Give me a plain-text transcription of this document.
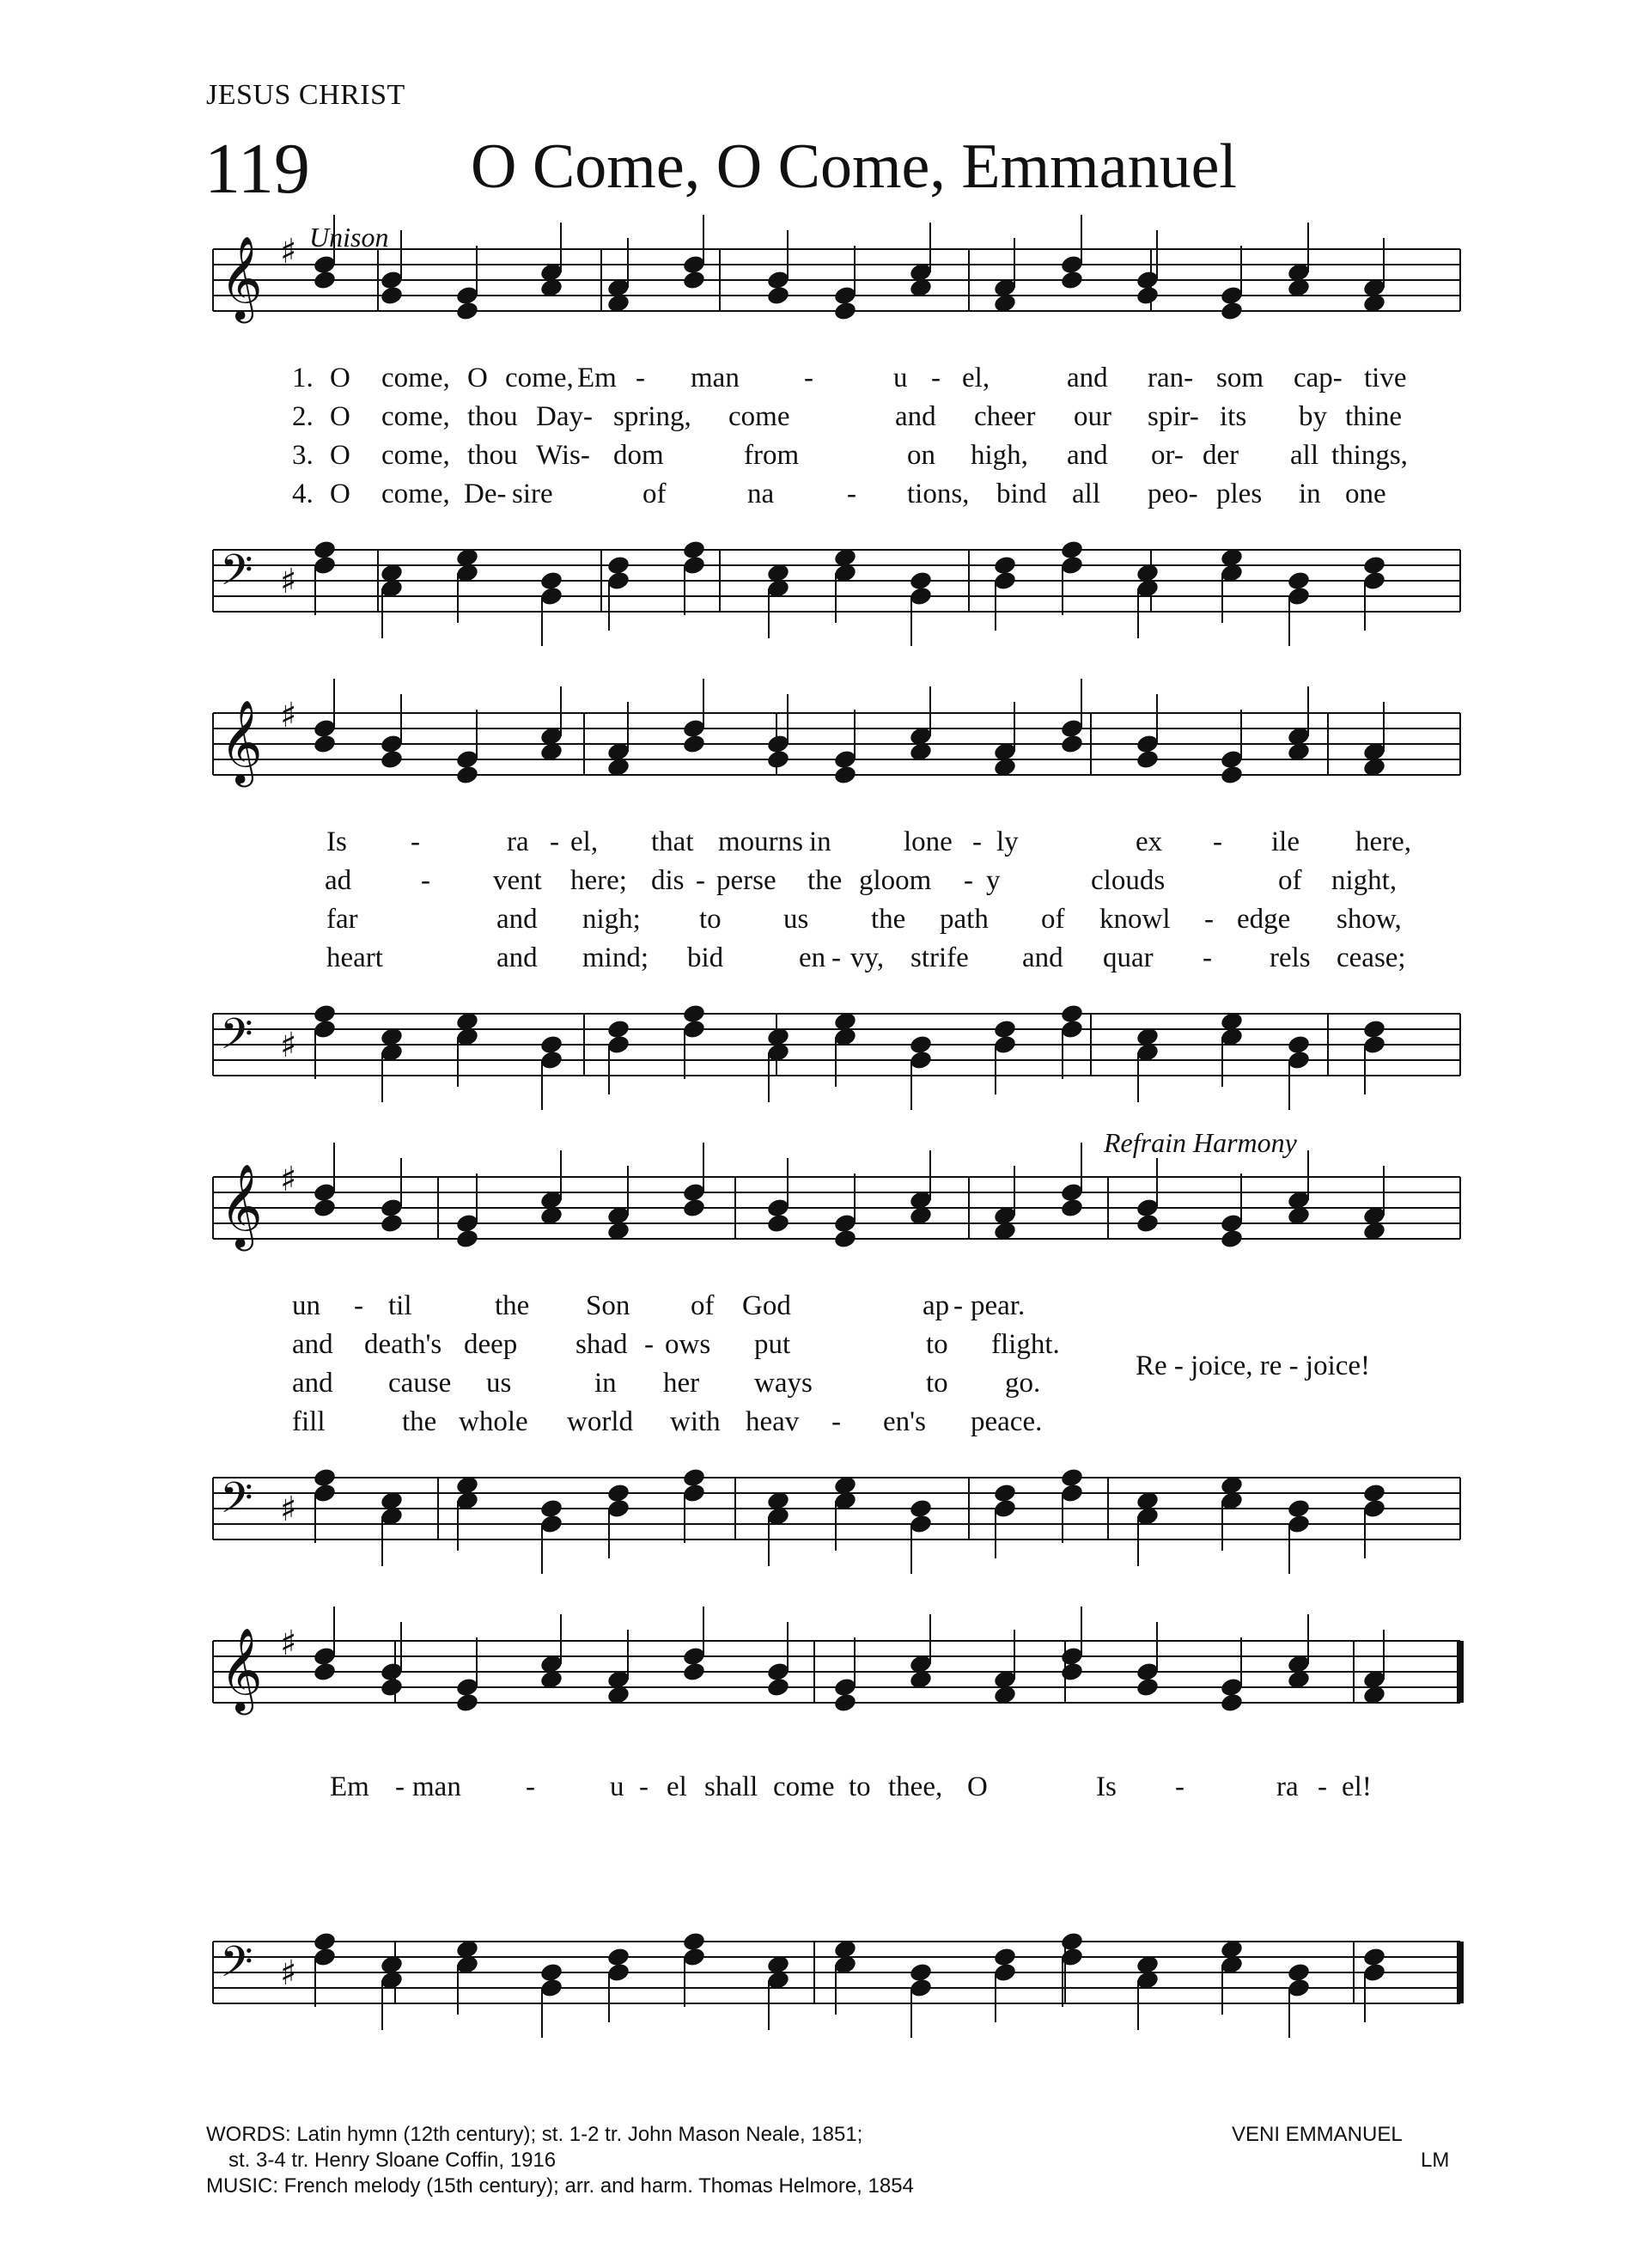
𝄞 ♯
𝄢 ♯
𝄞 ♯
𝄢 ♯
𝄞 ♯
𝄢 ♯
𝄞 ♯
𝄢 ♯
JESUS CHRIST
119	O Come, O Come, Emmanuel
Unison
Refrain Harmony
1. O come, O come, Em - man -	u - el,	and ran- som cap- tive
2. O come, thou Day- spring, come	and cheer our spir- its by thine
3. O come, thou Wis- dom	from	on high, and or- der all things,
4. O come, De- sire	of	na	- tions, bind all peo- ples in one
Is -	ra - el, that mourns in	lone - ly	ex - ile here,
ad - vent here; dis - perse the gloom - y	clouds	of night,
far	and nigh; to us the path of knowl - edge show,
heart	and mind; bid	en - vy, strife and quar - rels cease;
un - til	the Son of God	ap - pear.
and death's deep shad - ows put	to flight.
and cause us	in her ways	to go.
fill	the whole world with heav - en's peace.
Re - joice, re - joice!
Em - man -	u - el shall come to thee, O	Is -	ra - el!
WORDS: Latin hymn (12th century); st. 1-2 tr. John Mason Neale, 1851;
st. 3-4 tr. Henry Sloane Coffin, 1916
MUSIC: French melody (15th century); arr. and harm. Thomas Helmore, 1854
VENI EMMANUEL
LM
